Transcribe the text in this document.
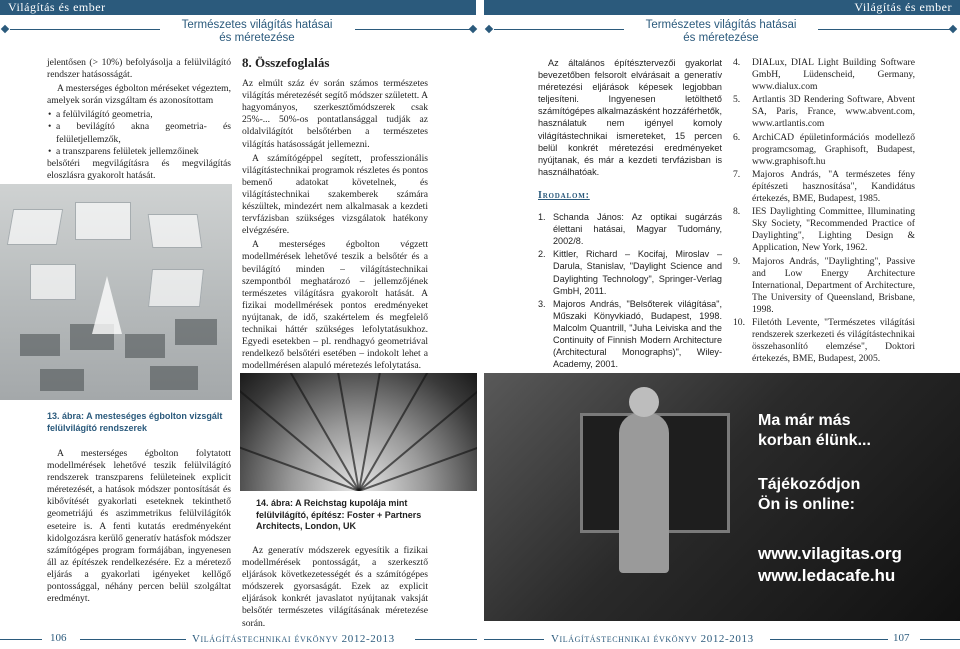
Világítás és ember	Világítás és ember
Természetes világítás hatásai
és méretezése
Természetes világítás hatásai
és méretezése

jelentősen (> 10%) befolyásolja a felülvilágító rendszer hatásosságát.

A mesterséges égbolton méréseket végeztem, amelyek során vizsgáltam és azonosítottam

• a felülvilágító geometria,
• a bevilágító akna geometria- és felületjellemzők,
• a transzparens felületek jellemzőinek

belsőtéri megvilágításra és megvilágítás eloszlásra gyakorolt hatását.

13. ábra: A mesteséges égbolton vizsgált felülvilágító rendszerek

A mesterséges égbolton folytatott modellmérések lehetővé teszik felülvilágító rendszerek transzparens felületeinek explicit méretezését, a hatások módszer pontosítását és kibővítését gyakorlati eseteknek tekinthető geometriájú és aszimmetrikus felülvilágítók eseteire is. A fenti kutatás eredményeként kidolgozásra kerülő generatív hatásfok módszer számítógépes program formájában, ingyenesen áll az építészek rendelkezésére. Ez a méretező eljárás a gyakorlati igényeket kellőgő pontossággal, néhány percen belül szolgáltat eredményt.

8. Összefoglalás

Az elmúlt száz év során számos természetes világítás méretezését segítő módszer született. A hagyományos, szerkesztőmódszerek csak 25%-... 50%-os pontatlansággal tudják az oldalvilágítót belsőtérben a természetes világítás hatásosságát jellemezni.

A számítógéppel segített, professzionális világítástechnikai programok részletes és pontos bemenő adatokat követelnek, és világítástechnikai szakemberek számára készültek, mindezért nem alkalmasak a kezdeti tervfázisban szükséges vizsgálatok hatékony elvégzésére.

A mesterséges égbolton végzett modellmérések lehetővé teszik a belsőtér és a bevilágító minden – világítástechnikai szempontból meghatározó – jellemzőjének természetes világításra gyakorolt hatását. A fizikai modellmérések pontos eredményeket nyújtanak, de idő, szakértelem és megfelelő technikai háttér szükséges lefolytatásukhoz. Egyedi esetekben – pl. rendhagyó geometriával rendelkező belsőtéri esetében – indokolt lehet a modellmérésen alapuló méretezés lefolytatása.

14. ábra: A Reichstag kupolája mint felülvilágító, építész: Foster + Partners Architects, London, UK

Az generatív módszerek egyesítik a fizikai modellmérések pontosságát, a szerkesztő eljárások következetességét és a számítógépes módszerek gyorsaságát. Ezek az explicit eljárások konkrét javaslatot nyújtanak vaksját belsőtér természetes világításának méretezése során.

Az általános építésztervezői gyakorlat bevezetőben felsorolt elvárásait a generatív méretezési eljárások képesek legjobban teljesíteni. Ingyenesen letölthető számítógépes alkalmazásként hozzáférhetők, használatuk nem igényel komoly világítástechnikai ismereteket, 15 percen belül konkrét méretezési eredményeket nyújtanak, és már a kezdeti tervfázisban is használhatóak.

Irodalom:
1. Schanda János: Az optikai sugárzás élettani hatásai, Magyar Tudomány, 2002/8.
2. Kittler, Richard – Kocifaj, Miroslav – Darula, Stanislav, "Daylight Science and Daylighting Technology", Springer-Verlag GmbH, 2011.
3. Majoros András, "Belsőterek világítása", Műszaki Könyvkiadó, Budapest, 1998. Malcolm Quantrill, "Juha Leiviska and the Continuity of Finnish Modern Architecture (Architectural Monographs)", Wiley-Academy, 2001.
4. DIALux, DIAL Light Building Software GmbH, Lüdenscheid, Germany, www.dialux.com
5. Artlantis 3D Rendering Software, Abvent SA, Paris, France, www.abvent.com, www.artlantis.com
6. ArchiCAD épületinformációs modellező programcsomag, Graphisoft, Budapest, www.graphisoft.hu
7. Majoros András, "A természetes fény építészeti hasznosítása", Kandidátus értekezés, BME, Budapest, 1985.
8. IES Daylighting Committee, Illuminating Sky Society, "Recommended Practice of Daylighting", Lighting Design & Application, New York, 1962.
9. Majoros András, "Daylighting", Passive and Low Energy Architecture International, Department of Architecture, The University of Queensland, Brisbane, 1998.
10. Filetóth Levente, "Természetes világítási rendszerek szerkezeti és világítástechnikai összehasonlító elemzése", Doktori értekezés, BME, Budapest, 2005.
Ma már más
korban élünk...
Tájékozódjon
Ön is online:
www.vilagitas.org
www.ledacafe.hu
106	Világítástechnikai évkönyv 2012-2013	Világítástechnikai évkönyv 2012-2013	107
